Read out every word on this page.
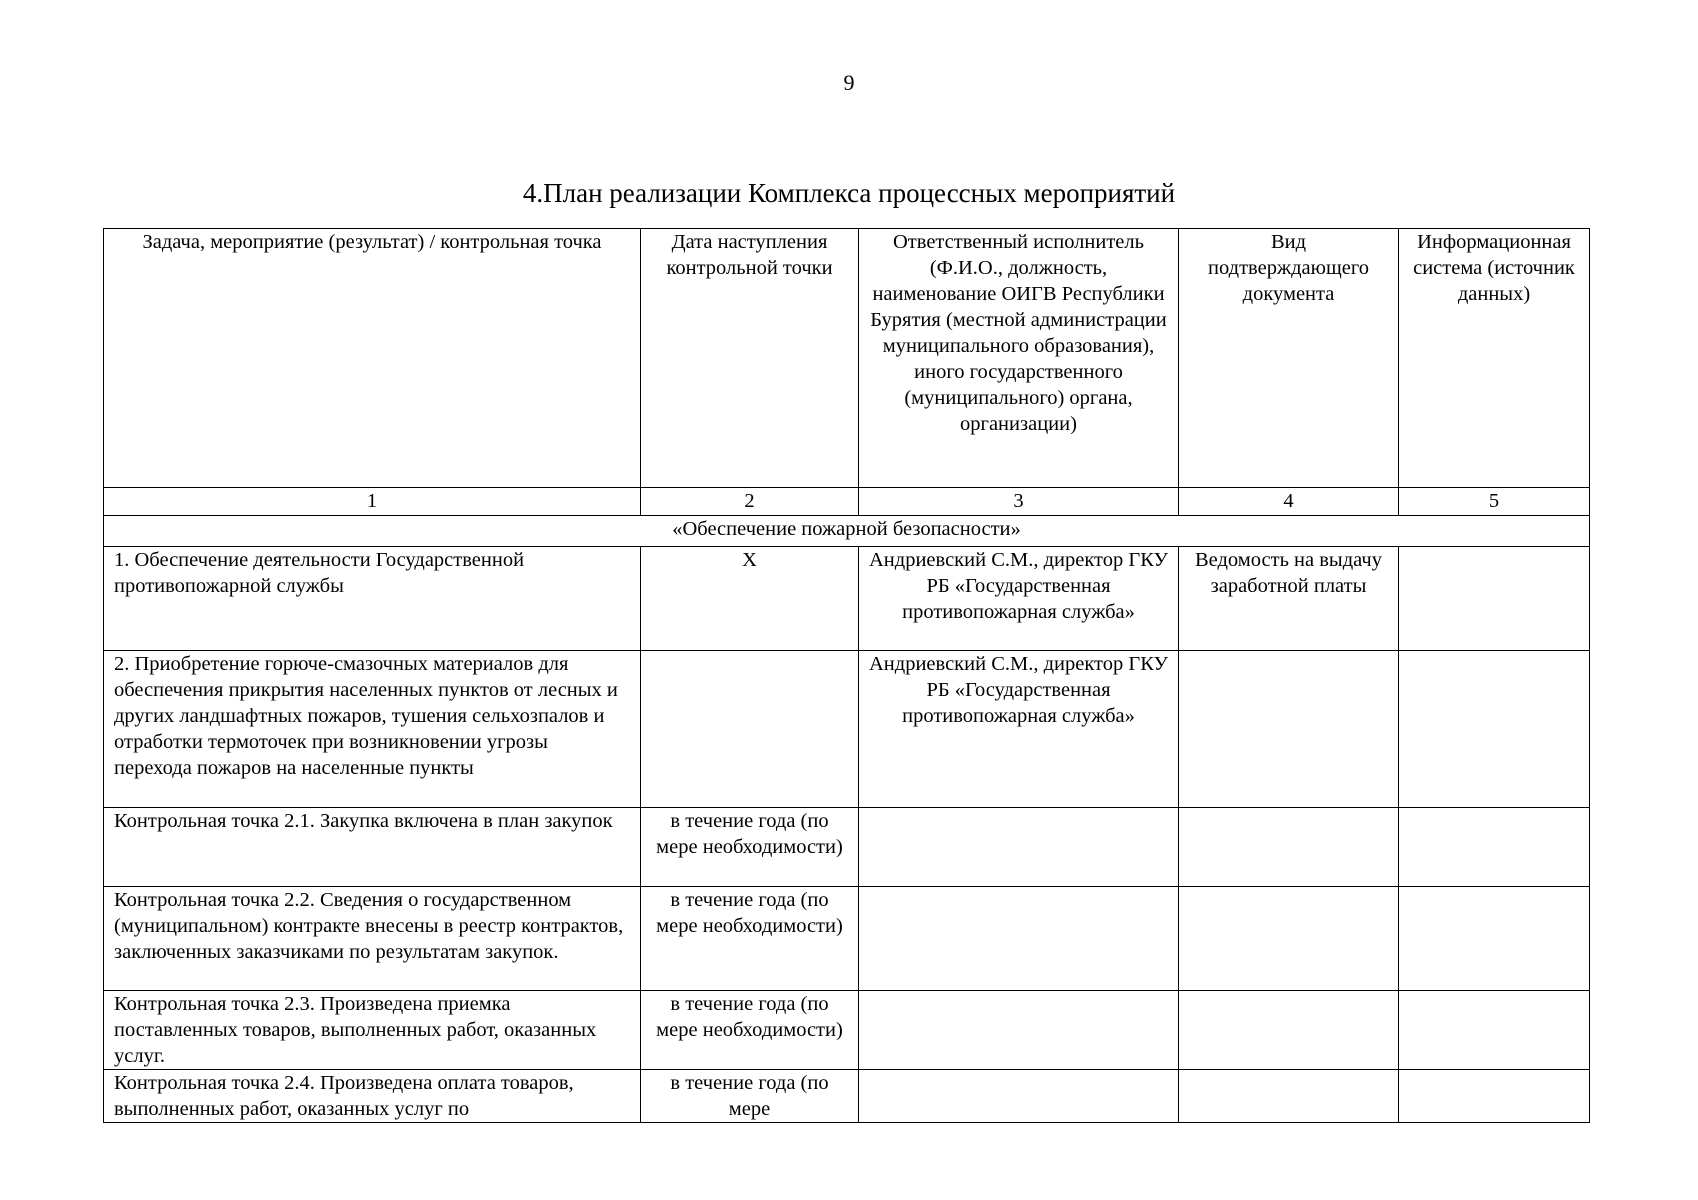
9
4.План реализации Комплекса процессных мероприятий
Задача, мероприятие (результат) / контрольная точка	Дата наступления контрольной точки	Ответственный исполнитель (Ф.И.О., должность, наименование ОИГВ Республики Бурятия (местной администрации муниципального образования), иного государственного (муниципального) органа, организации)	Вид подтверждающего документа	Информационная система (источник данных)
1	2	3	4	5
«Обеспечение пожарной безопасности»				
1. Обеспечение деятельности Государственной противопожарной службы	X	Андриевский С.М., директор ГКУ РБ «Государственная противопожарная служба»	Ведомость на выдачу заработной платы	
2. Приобретение горюче-смазочных материалов для обеспечения прикрытия населенных пунктов от лесных и других ландшафтных пожаров, тушения сельхозпалов и отработки термоточек при возникновении угрозы перехода пожаров на населенные пункты		Андриевский С.М., директор ГКУ РБ «Государственная противопожарная служба»		
Контрольная точка 2.1. Закупка включена в план закупок	в течение года (по мере необходимости)			
Контрольная точка 2.2. Сведения о государственном (муниципальном) контракте внесены в реестр контрактов, заключенных заказчиками по результатам закупок.	в течение года (по мере необходимости)			
Контрольная точка 2.3. Произведена приемка поставленных товаров, выполненных работ, оказанных услуг.	в течение года (по мере необходимости)			
Контрольная точка 2.4. Произведена оплата товаров, выполненных работ, оказанных услуг по	в течение года (по мере			
